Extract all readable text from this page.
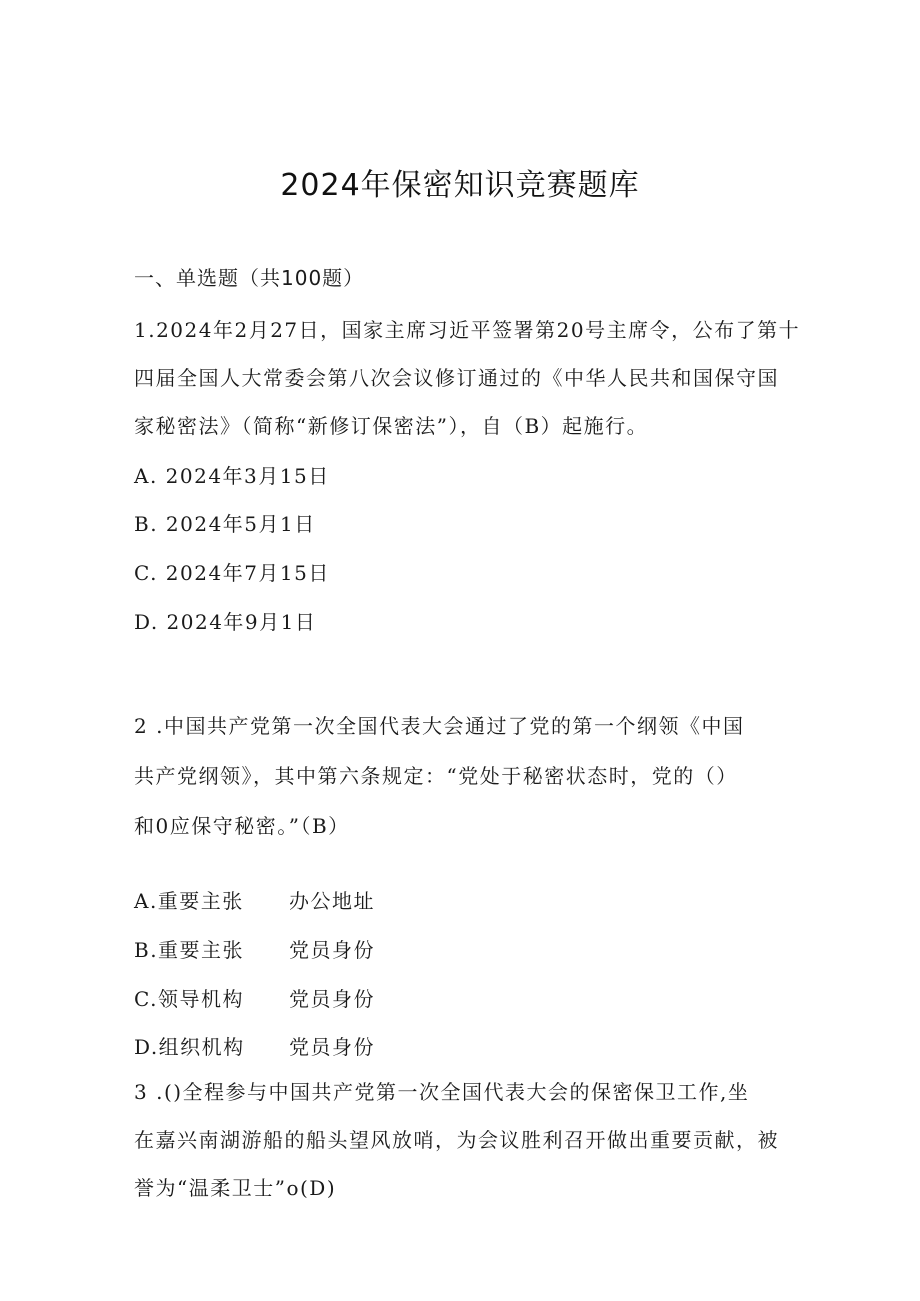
2024年保密知识竞赛题库
一、单选题（共100题）
1.2024年2月27日，国家主席习近平签署第20号主席令，公布了第十
四届全国人大常委会第八次会议修订通过的《中华人民共和国保守国
家秘密法》（简称“新修订保密法”），自（B）起施行。
A. 2024年3月15日
B. 2024年5月1日
C. 2024年7月15日
D. 2024年9月1日
2 .中国共产党第一次全国代表大会通过了党的第一个纲领《中国
共产党纲领》，其中第六条规定：“党处于秘密状态时，党的（）
和0应保守秘密。”（B）
A.重要主张 办公地址
B.重要主张 党员身份
C.领导机构 党员身份
D.组织机构 党员身份
3 .()全程参与中国共产党第一次全国代表大会的保密保卫工作,坐
在嘉兴南湖游船的船头望风放哨，为会议胜利召开做出重要贡献，被
誉为“温柔卫士”o(D)
